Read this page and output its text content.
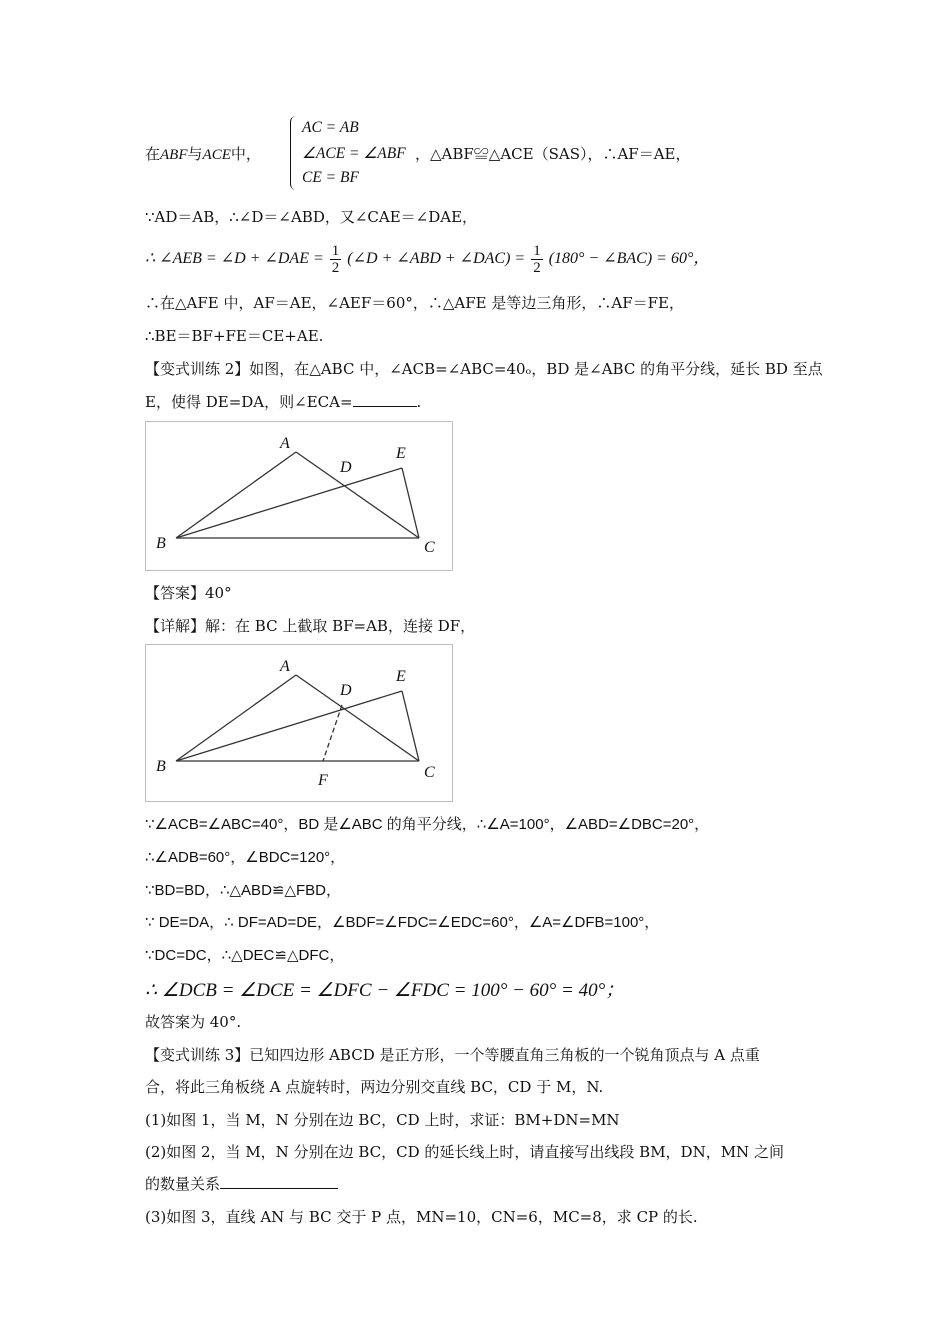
在ABF与ACE中，
AC = AB
∠ACE = ∠ABF
CE = BF
，△ABF≌△ACE（SAS），∴AF＝AE，
∵AD＝AB，∴∠D＝∠ABD，又∠CAE＝∠DAE，
∴ ∠AEB = ∠D + ∠DAE = $\frac{1}{2}$ (∠D + ∠ABD + ∠DAC) = $\frac{1}{2} (180^\circ$ − ∠BAC) = 60°，
∴在△AFE 中，AF＝AE，∠AEF＝60°，∴△AFE 是等边三角形，∴AF＝FE，
∴BE＝BF+FE＝CE+AE.
【变式训练 2】如图，在△ABC 中，∠ACB=∠ABC=40ₒ，BD 是∠ABC 的角平分线，延长 BD 至点
E，使得 DE=DA，则∠ECA=	.
A
B	C
D
E
【答案】40°
【详解】解：在 BC 上截取 BF=AB，连接 DF，
A
B	C
D
E
F
∵∠ACB=∠ABC=40°，BD 是∠ABC 的角平分线，∴∠A=100°，∠ABD=∠DBC=20°，
∴∠ADB=60°，∠BDC=120°，
∵BD=BD，∴△ABD≌△FBD，
∵ DE=DA，∴ DF=AD=DE，∠BDF=∠FDC=∠EDC=60°，∠A=∠DFB=100°，
∵DC=DC，∴△DEC≌△DFC，
∴ ∠DCB = ∠DCE = ∠DFC − ∠FDC = 100° − 60° = 40°；
故答案为 40°.
【变式训练 3】已知四边形 ABCD 是正方形，一个等腰直角三角板的一个锐角顶点与 A 点重
合，将此三角板绕 A 点旋转时，两边分别交直线 BC，CD 于 M，N.
(1)如图 1，当 M，N 分别在边 BC，CD 上时，求证：BM+DN=MN
(2)如图 2，当 M，N 分别在边 BC，CD 的延长线上时，请直接写出线段 BM，DN，MN 之间
的数量关系
(3)如图 3，直线 AN 与 BC 交于 P 点，MN=10，CN=6，MC=8，求 CP 的长.
